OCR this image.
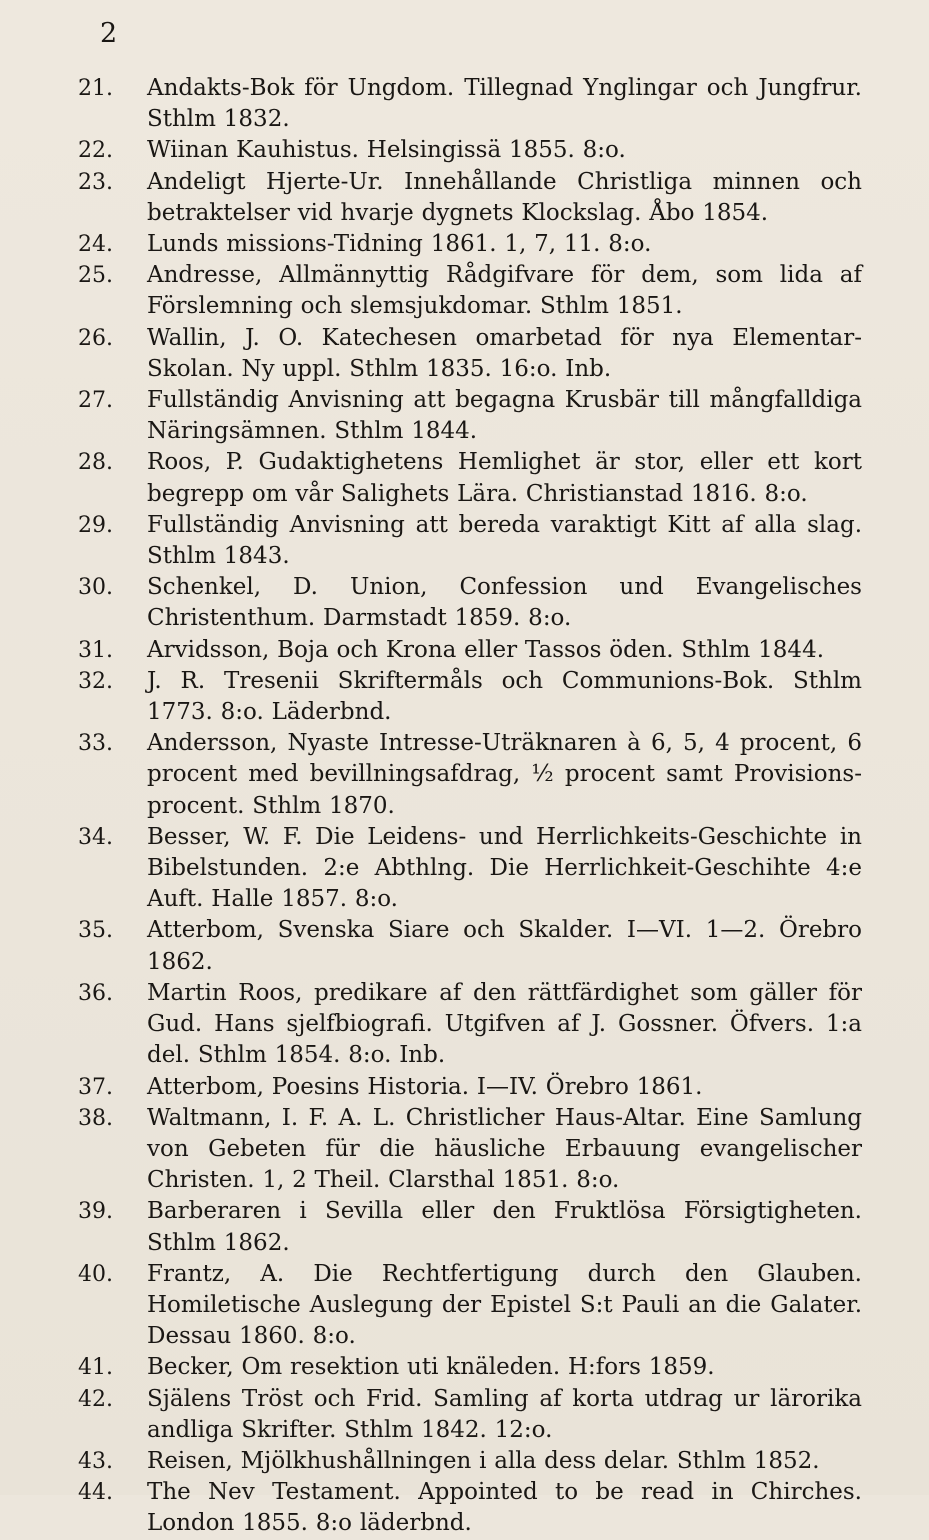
2
21. Andakts-Bok för Ungdom. Tillegnad Ynglingar och Jungfrur. Sthlm 1832.
22. Wiinan Kauhistus. Helsingissä 1855. 8:o.
23. Andeligt Hjerte-Ur. Innehållande Christliga minnen och betraktelser vid hvarje dygnets Klockslag. Åbo 1854.
24. Lunds missions-Tidning 1861. 1, 7, 11. 8:o.
25. Andresse, Allmännyttig Rådgifvare för dem, som lida af Förslemning och slemsjukdomar. Sthlm 1851.
26. Wallin, J. O. Katechesen omarbetad för nya Elementar-Skolan. Ny uppl. Sthlm 1835. 16:o. Inb.
27. Fullständig Anvisning att begagna Krusbär till mångfalldiga Näringsämnen. Sthlm 1844.
28. Roos, P. Gudaktighetens Hemlighet är stor, eller ett kort begrepp om vår Salighets Lära. Christianstad 1816. 8:o.
29. Fullständig Anvisning att bereda varaktigt Kitt af alla slag. Sthlm 1843.
30. Schenkel, D. Union, Confession und Evangelisches Christenthum. Darmstadt 1859. 8:o.
31. Arvidsson, Boja och Krona eller Tassos öden. Sthlm 1844.
32. J. R. Tresenii Skriftermåls och Communions-Bok. Sthlm 1773. 8:o. Läderbnd.
33. Andersson, Nyaste Intresse-Uträknaren à 6, 5, 4 procent, 6 procent med bevillningsafdrag, ½ procent samt Provisions-procent. Sthlm 1870.
34. Besser, W. F. Die Leidens- und Herrlichkeits-Geschichte in Bibelstunden. 2:e Abthlng. Die Herrlichkeit-Geschihte 4:e Auft. Halle 1857. 8:o.
35. Atterbom, Svenska Siare och Skalder. I—VI. 1—2. Örebro 1862.
36. Martin Roos, predikare af den rättfärdighet som gäller för Gud. Hans sjelfbiografi. Utgifven af J. Gossner. Öfvers. 1:a del. Sthlm 1854. 8:o. Inb.
37. Atterbom, Poesins Historia. I—IV. Örebro 1861.
38. Waltmann, I. F. A. L. Christlicher Haus-Altar. Eine Samlung von Gebeten für die häusliche Erbauung evangelischer Christen. 1, 2 Theil. Clarsthal 1851. 8:o.
39. Barberaren i Sevilla eller den Fruktlösa Försigtigheten. Sthlm 1862.
40. Frantz, A. Die Rechtfertigung durch den Glauben. Homiletische Auslegung der Epistel S:t Pauli an die Galater. Dessau 1860. 8:o.
41. Becker, Om resektion uti knäleden. H:fors 1859.
42. Själens Tröst och Frid. Samling af korta utdrag ur lärorika andliga Skrifter. Sthlm 1842. 12:o.
43. Reisen, Mjölkhushållningen i alla dess delar. Sthlm 1852.
44. The Nev Testament. Appointed to be read in Chirches. London 1855. 8:o läderbnd.
